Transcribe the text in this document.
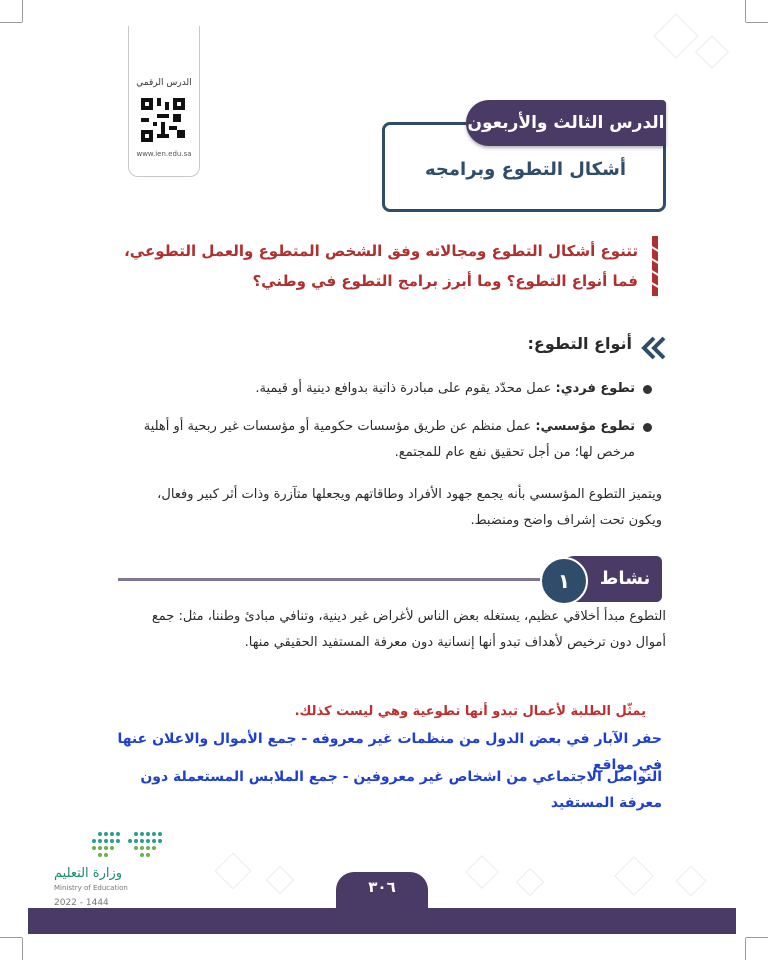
الدرس الرقمي
www.ien.edu.sa
الدرس الثالث والأربعون
أشكال التطوع وبرامجه
تتنوع أشكال التطوع ومجالاته وفق الشخص المتطوع والعمل التطوعي، فما أنواع التطوع؟ وما أبرز برامج التطوع في وطني؟
أنواع التطوع:
تطوع فردي: عمل محدّد يقوم على مبادرة ذاتية بدوافع دينية أو قيمية.
تطوع مؤسسي: عمل منظم عن طريق مؤسسات حكومية أو مؤسسات غير ربحية أو أهلية مرخص لها؛ من أجل تحقيق نفع عام للمجتمع.
ويتميز التطوع المؤسسي بأنه يجمع جهود الأفراد وطاقاتهم ويجعلها متآزرة وذات أثر كبير وفعال، ويكون تحت إشراف واضح ومنضبط.
نشاط
١
التطوع مبدأ أخلاقي عظيم، يستغله بعض الناس لأغراض غير دينية، وتنافي مبادئ وطننا، مثل: جمع أموال دون ترخيص لأهداف تبدو أنها إنسانية دون معرفة المستفيد الحقيقي منها.
يمثّل الطلبة لأعمال تبدو أنها تطوعية وهي ليست كذلك.
حفر الآبار في بعض الدول من منظمات غير معروفه - جمع الأموال والاعلان عنها في مواقع
التواصل الاجتماعي من اشخاص غير معروفين - جمع الملابس المستعملة دون معرفة المستفيد
وزارة التعليم
Ministry of Education
2022 - 1444
٣٠٦
